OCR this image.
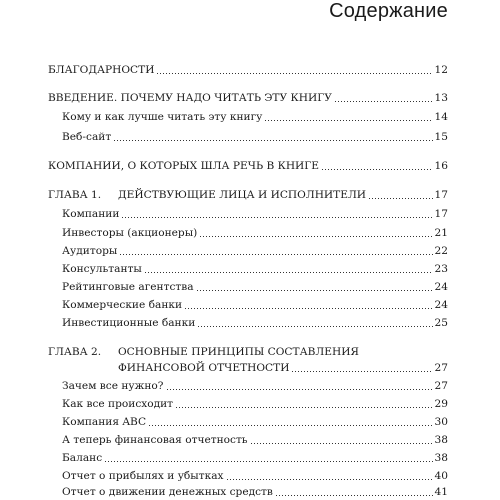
Содержание
БЛАГОДАРНОСТИ	12
ВВЕДЕНИЕ. ПОЧЕМУ НАДО ЧИТАТЬ ЭТУ КНИГУ	13
Кому и как лучше читать эту книгу	14
Веб-сайт	15
КОМПАНИИ, О КОТОРЫХ ШЛА РЕЧЬ В КНИГЕ	16
ГЛАВА 1.	ДЕЙСТВУЮЩИЕ ЛИЦА И ИСПОЛНИТЕЛИ	17
Компании	17
Инвесторы (акционеры)	21
Аудиторы	22
Консультанты	23
Рейтинговые агентства	24
Коммерческие банки	24
Инвестиционные банки	25
ГЛАВА 2. ОСНОВНЫЕ ПРИНЦИПЫ СОСТАВЛЕНИЯ
ФИНАНСОВОЙ ОТЧЕТНОСТИ	27
Зачем все нужно?	27
Как все происходит	29
Компания ABC	30
А теперь финансовая отчетность	38
Баланс	38
Отчет о прибылях и убытках	40
Отчет о движении денежных средств	41
